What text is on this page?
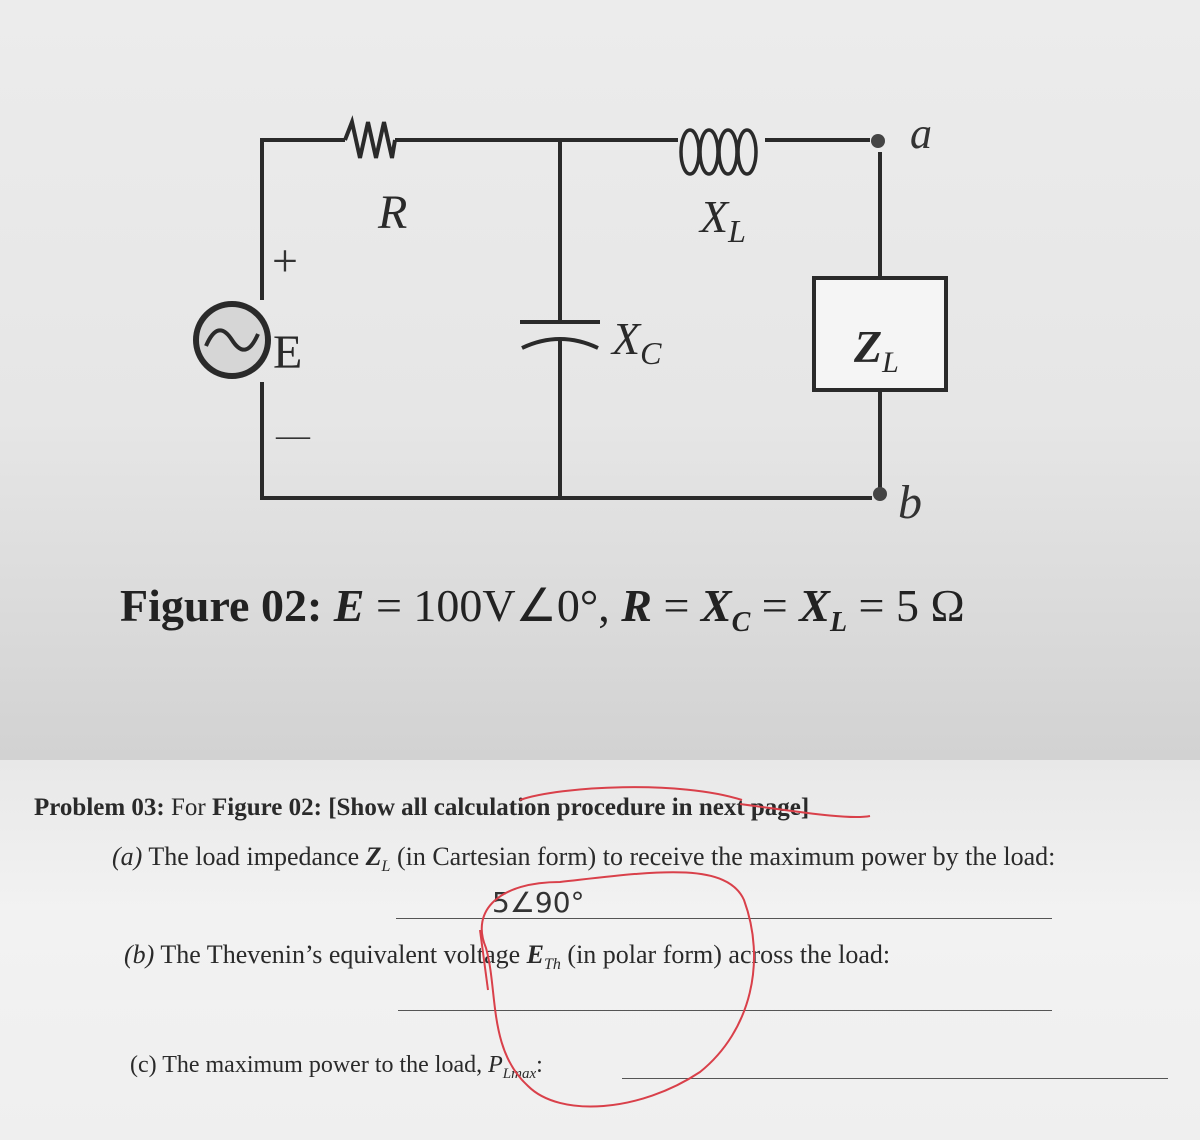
R	$X_L$
$X_C$
E	$Z_L$
a
b
+
—
Figure 02: E = 100V∠0°, $R = X_C = X_L = 5$ Ω
Problem 03: For Figure 02: [Show all calculation procedure in next page]
(a) The load impedance $Z_L$ (in Cartesian form) to receive the maximum power by the load:
5∠90°
(b) The Thevenin’s equivalent voltage $E_{Th}$ (in polar form) across the load:
(c) The maximum power to the load, $P_{Lmax}$:
